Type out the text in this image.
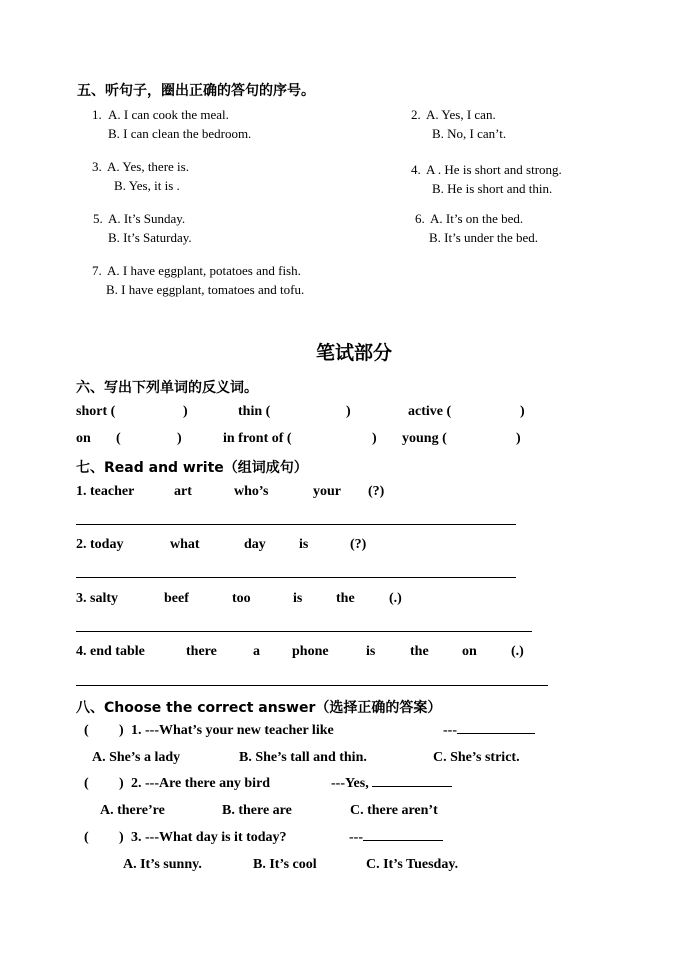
五、听句子，圈出正确的答句的序号。
1. A. I can cook the meal.
B. I can clean the bedroom.
2. A. Yes, I can.
B. No, I can’t.
3. A. Yes, there is.
B. Yes, it is .
4. A . He is short and strong.
B. He is short and thin.
5. A. It’s Sunday.
B. It’s Saturday.
6. A. It’s on the bed.
B. It’s under the bed.
7. A. I have eggplant, potatoes and fish.
B. I have eggplant, tomatoes and tofu.
笔试部分
六、写出下列单词的反义词。
short (	)	thin (	)	active (	)
on (	)	in front of (	) young (	)
七、Read and write（组词成句）
1. teacher	art	who’s	your (?)
2. today	what	day is	(?)
3. salty	beef	too	is the (.)
4. end table	there	a phone	is the on (.)
八、Choose the correct answer（选择正确的答案）
( ) 1. ---What’s your new teacher like	---
A. She’s a lady	B. She’s tall and thin.	C. She’s strict.
( ) 2. ---Are there any bird	---Yes,
A. there’re	B. there are	C. there aren’t
( ) 3. ---What day is it today?	---
A. It’s sunny.	B. It’s cool	C. It’s Tuesday.
